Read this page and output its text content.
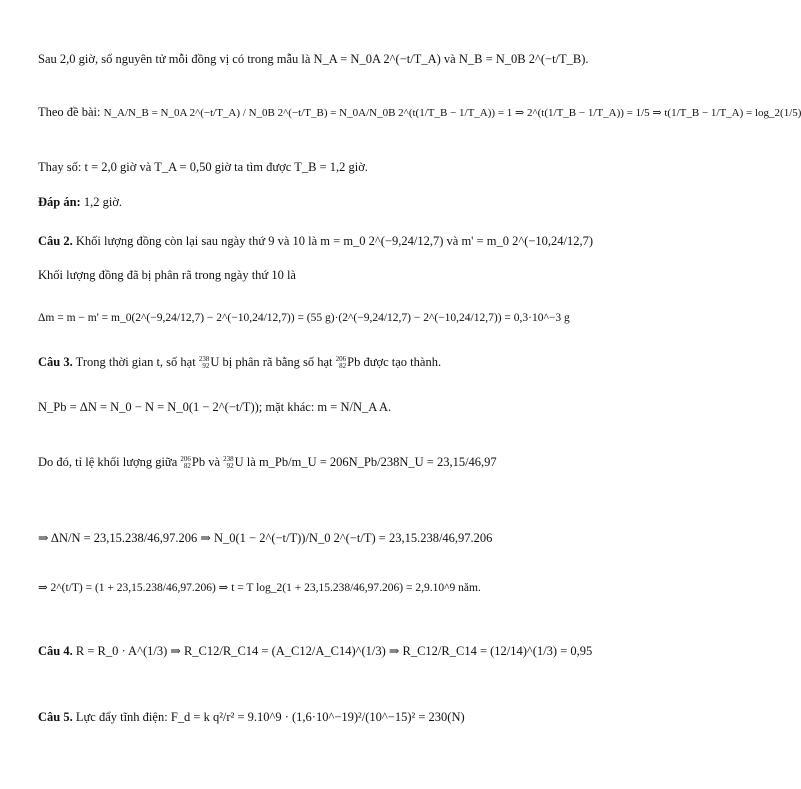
Sau 2,0 giờ, số nguyên tử mỗi đồng vị có trong mẫu là N_A = N_0A 2^(−t/T_A) và N_B = N_0B 2^(−t/T_B).
Theo đề bài: N_A/N_B = N_0A 2^(−t/T_A) / N_0B 2^(−t/T_B) = N_0A/N_0B 2^(t(1/T_B − 1/T_A)) = 1 ⇒ 2^(t(1/T_B − 1/T_A)) = 1/5 ⇒ t(1/T_B − 1/T_A) = log_2(1/5)
Thay số: t = 2,0 giờ và T_A = 0,50 giờ ta tìm được T_B = 1,2 giờ.
Đáp án: 1,2 giờ.
Câu 2. Khối lượng đồng còn lại sau ngày thứ 9 và 10 là m = m_0 2^(−9,24/12,7) và m' = m_0 2^(−10,24/12,7)
Khối lượng đồng đã bị phân rã trong ngày thứ 10 là
Δm = m − m' = m_0(2^(−9,24/12,7) − 2^(−10,24/12,7)) = (55 g)·(2^(−9,24/12,7) − 2^(−10,24/12,7)) = 0,3·10^−3 g
Câu 3. Trong thời gian t, số hạt 238
92 U bị phân rã bằng số hạt 206
82 Pb được tạo thành.
N_Pb = ΔN = N_0 − N = N_0(1 − 2^(−t/T)); mặt khác: m = N/N_A A.
Do đó, tỉ lệ khối lượng giữa 206
82 Pb và 238
92 U là m_Pb/m_U = 206N_Pb/238N_U = 23,15/46,97
⇒ ΔN/N = 23,15.238/46,97.206 ⇒ N_0(1 − 2^(−t/T))/N_0 2^(−t/T) = 23,15.238/46,97.206
⇒ 2^(t/T) = (1 + 23,15.238/46,97.206) ⇒ t = T log_2(1 + 23,15.238/46,97.206) = 2,9.10^9 năm.
Câu 4. R = R_0 · A^(1/3) ⇒ R_C12/R_C14 = (A_C12/A_C14)^(1/3) ⇒ R_C12/R_C14 = (12/14)^(1/3) = 0,95
Câu 5. Lực đẩy tĩnh điện: F_d = k q²/r² = 9.10^9 · (1,6·10^−19)²/(10^−15)² = 230(N)
